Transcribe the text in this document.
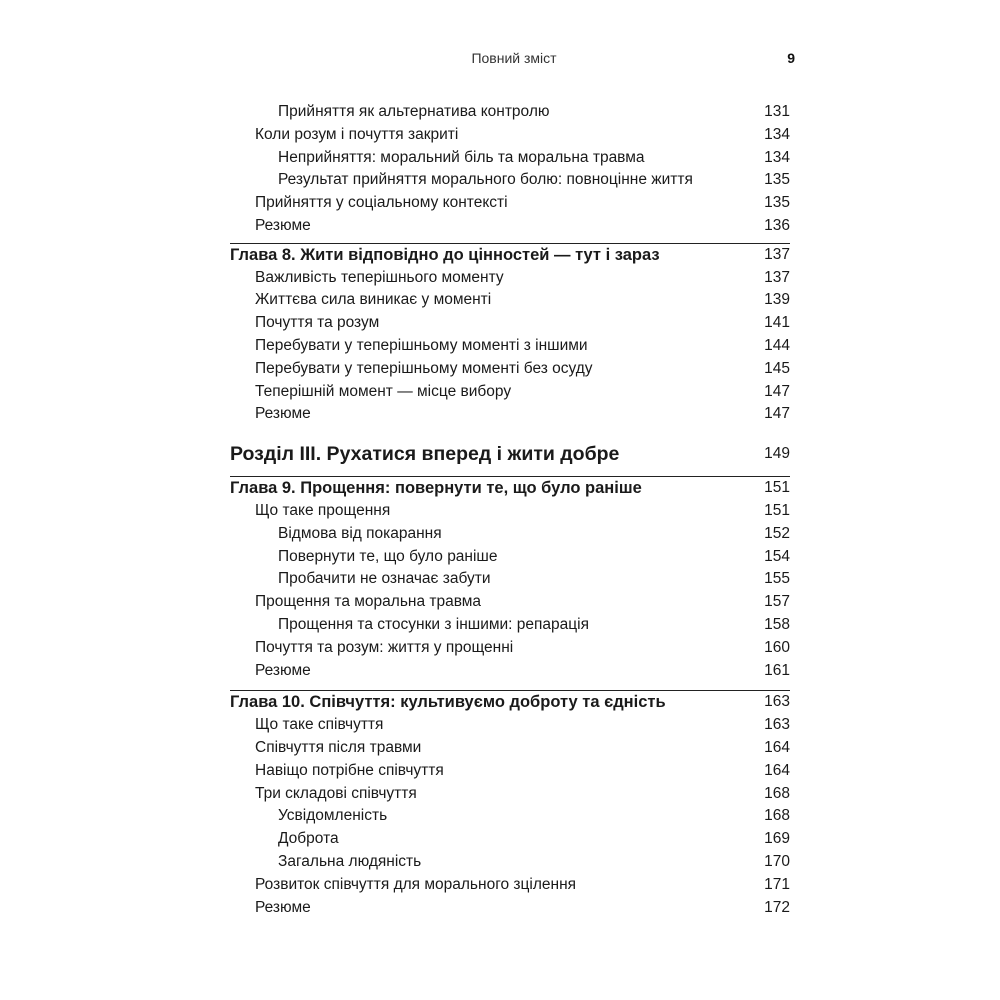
Повний зміст	9
Прийняття як альтернатива контролю	131
Коли розум і почуття закриті	134
Неприйняття: моральний біль та моральна травма	134
Результат прийняття морального болю: повноцінне життя	135
Прийняття у соціальному контексті	135
Резюме	136
Глава 8. Жити відповідно до цінностей — тут і зараз	137
Важливість теперішнього моменту	137
Життєва сила виникає у моменті	139
Почуття та розум	141
Перебувати у теперішньому моменті з іншими	144
Перебувати у теперішньому моменті без осуду	145
Теперішній момент — місце вибору	147
Резюме	147
Розділ III. Рухатися вперед і жити добре	149
Глава 9. Прощення: повернути те, що було раніше	151
Що таке прощення	151
Відмова від покарання	152
Повернути те, що було раніше	154
Пробачити не означає забути	155
Прощення та моральна травма	157
Прощення та стосунки з іншими: репарація	158
Почуття та розум: життя у прощенні	160
Резюме	161
Глава 10. Співчуття: культивуємо доброту та єдність	163
Що таке співчуття	163
Співчуття після травми	164
Навіщо потрібне співчуття	164
Три складові співчуття	168
Усвідомленість	168
Доброта	169
Загальна людяність	170
Розвиток співчуття для морального зцілення	171
Резюме	172
